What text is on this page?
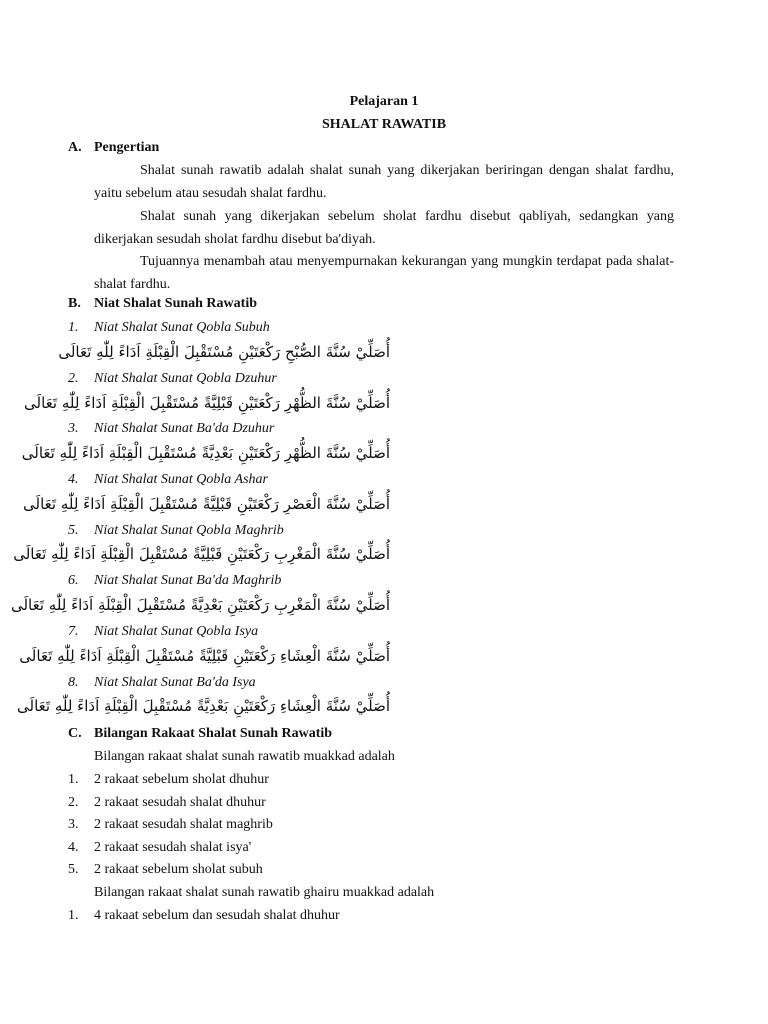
Pelajaran 1
SHALAT RAWATIB
A. Pengertian
Shalat sunah rawatib adalah shalat sunah yang dikerjakan beriringan dengan shalat fardhu, yaitu sebelum atau sesudah shalat fardhu.
Shalat sunah yang dikerjakan sebelum sholat fardhu disebut qabliyah, sedangkan yang dikerjakan sesudah sholat fardhu disebut ba'diyah.
Tujuannya menambah atau menyempurnakan kekurangan yang mungkin terdapat pada shalat-shalat fardhu.
B. Niat Shalat Sunah Rawatib
1. Niat Shalat Sunat Qobla Subuh
أُصَلِّيْ سُنَّةَ الصُّبْحِ رَكْعَتَيْنِ مُسْتَقْبِلَ الْقِبْلَةِ اَدَاءً لِلّٰهِ تَعَالَى
2. Niat Shalat Sunat Qobla Dzuhur
أُصَلِّيْ سُنَّةَ الظُّهْرِ رَكْعَتَيْنِ قَبْلِيَّةً مُسْتَقْبِلَ الْقِبْلَةِ اَدَاءً لِلّٰهِ تَعَالَى
3. Niat Shalat Sunat Ba'da Dzuhur
أُصَلِّيْ سُنَّةَ الظُّهْرِ رَكْعَتَيْنِ بَعْدِيَّةً مُسْتَقْبِلَ الْقِبْلَةِ اَدَاءً لِلّٰهِ تَعَالَى
4. Niat Shalat Sunat Qobla Ashar
أُصَلِّيْ سُنَّةَ الْعَصْرِ رَكْعَتَيْنِ قَبْلِيَّةً مُسْتَقْبِلَ الْقِبْلَةِ اَدَاءً لِلّٰهِ تَعَالَى
5. Niat Shalat Sunat Qobla Maghrib
أُصَلِّيْ سُنَّةَ الْمَغْرِبِ رَكْعَتَيْنِ قَبْلِيَّةً مُسْتَقْبِلَ الْقِبْلَةِ اَدَاءً لِلّٰهِ تَعَالَى
6. Niat Shalat Sunat Ba'da Maghrib
أُصَلِّيْ سُنَّةَ الْمَغْرِبِ رَكْعَتَيْنِ بَعْدِيَّةً مُسْتَقْبِلَ الْقِبْلَةِ اَدَاءً لِلّٰهِ تَعَالَى
7. Niat Shalat Sunat Qobla Isya
أُصَلِّيْ سُنَّةَ الْعِشَاءِ رَكْعَتَيْنِ قَبْلِيَّةً مُسْتَقْبِلَ الْقِبْلَةِ اَدَاءً لِلّٰهِ تَعَالَى
8. Niat Shalat Sunat Ba'da Isya
أُصَلِّيْ سُنَّةَ الْعِشَاءِ رَكْعَتَيْنِ بَعْدِيَّةً مُسْتَقْبِلَ الْقِبْلَةِ اَدَاءً لِلّٰهِ تَعَالَى
C. Bilangan Rakaat Shalat Sunah Rawatib
Bilangan rakaat shalat sunah rawatib muakkad adalah
1. 2 rakaat sebelum sholat dhuhur
2. 2 rakaat sesudah shalat dhuhur
3. 2 rakaat sesudah shalat maghrib
4. 2 rakaat sesudah shalat isya'
5. 2 rakaat sebelum sholat subuh
Bilangan rakaat shalat sunah rawatib ghairu muakkad adalah
1. 4 rakaat sebelum dan sesudah shalat dhuhur
